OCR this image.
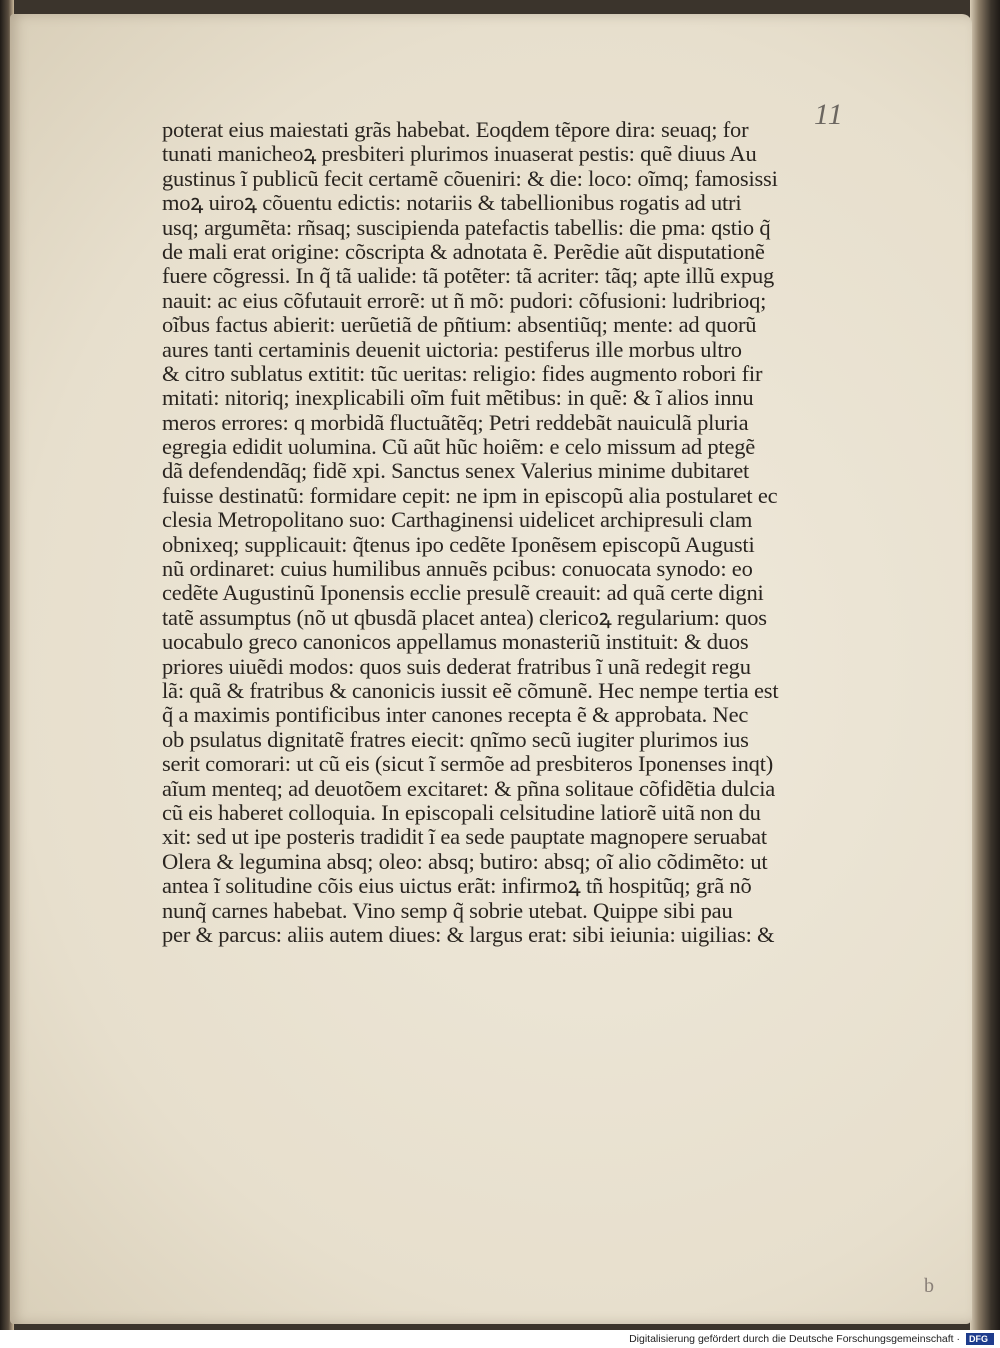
11
poterat eius maiestati grãs habebat. Eoqdem tẽpore dira: seuaq; for
tunati manicheoꝝ presbiteri plurimos inuaserat pestis: quẽ diuus Au
gustinus ĩ publicũ fecit certamẽ cõueniri: & die: loco: oĩmq; famosissi
moꝝ uiroꝝ cõuentu edictis: notariis & tabellionibus rogatis ad utri
usq; argumẽta: rñsaq; suscipienda patefactis tabellis: die pma: qstio q̃
de mali erat origine: cõscripta & adnotata ẽ. Perẽdie aũt disputationẽ
fuere cõgressi. In q̃ tã ualide: tã potẽter: tã acriter: tãq; apte illũ expug
nauit: ac eius cõfutauit errorẽ: ut ñ mõ: pudori: cõfusioni: ludribrioq;
oĩbus factus abierit: uerũetiã de pñtium: absentiũq; mente: ad quorũ
aures tanti certaminis deuenit uictoria: pestiferus ille morbus ultro
& citro sublatus extitit: tũc ueritas: religio: fides augmento robori fir
mitati: nitoriq; inexplicabili oĩm fuit mẽtibus: in quẽ: & ĩ alios innu
meros errores: q morbidã fluctuãtẽq; Petri reddebãt nauiculã pluria
egregia edidit uolumina. Cũ aũt hũc hoiẽm: e celo missum ad ptegẽ
dã defendendãq; fidẽ xpi. Sanctus senex Valerius minime dubitaret
fuisse destinatũ: formidare cepit: ne ipm in episcopũ alia postularet ec
clesia Metropolitano suo: Carthaginensi uidelicet archipresuli clam
obnixeq; supplicauit: q̃tenus ipo cedẽte Iponẽsem episcopũ Augusti
nũ ordinaret: cuius humilibus annuẽs pcibus: conuocata synodo: eo
cedẽte Augustinũ Iponensis ecclie presulẽ creauit: ad quã certe digni
tatẽ assumptus (nõ ut qbusdã placet antea) clericoꝝ regularium: quos
uocabulo greco canonicos appellamus monasteriũ instituit: & duos
priores uiuẽdi modos: quos suis dederat fratribus ĩ unã redegit regu
lã: quã & fratribus & canonicis iussit eẽ cõmunẽ. Hec nempe tertia est
q̃ a maximis pontificibus inter canones recepta ẽ & approbata. Nec
ob psulatus dignitatẽ fratres eiecit: qnĩmo secũ iugiter plurimos ius
serit comorari: ut cũ eis (sicut ĩ sermõe ad presbiteros Iponenses inqt)
aĩum menteq; ad deuotõem excitaret: & pñna solitaue cõfidẽtia dulcia
cũ eis haberet colloquia. In episcopali celsitudine latiorẽ uitã non du
xit: sed ut ipe posteris tradidit ĩ ea sede pauptate magnopere seruabat
Olera & legumina absq; oleo: absq; butiro: absq; oĩ alio cõdimẽto: ut
antea ĩ solitudine cõis eius uictus erãt: infirmoꝝ tñ hospitũq; grã nõ
nunq̃ carnes habebat. Vino semp q̃ sobrie utebat. Quippe sibi pau
per & parcus: aliis autem diues: & largus erat: sibi ieiunia: uigilias: &
b
Digitalisierung gefördert durch die Deutsche Forschungsgemeinschaft · DFG
